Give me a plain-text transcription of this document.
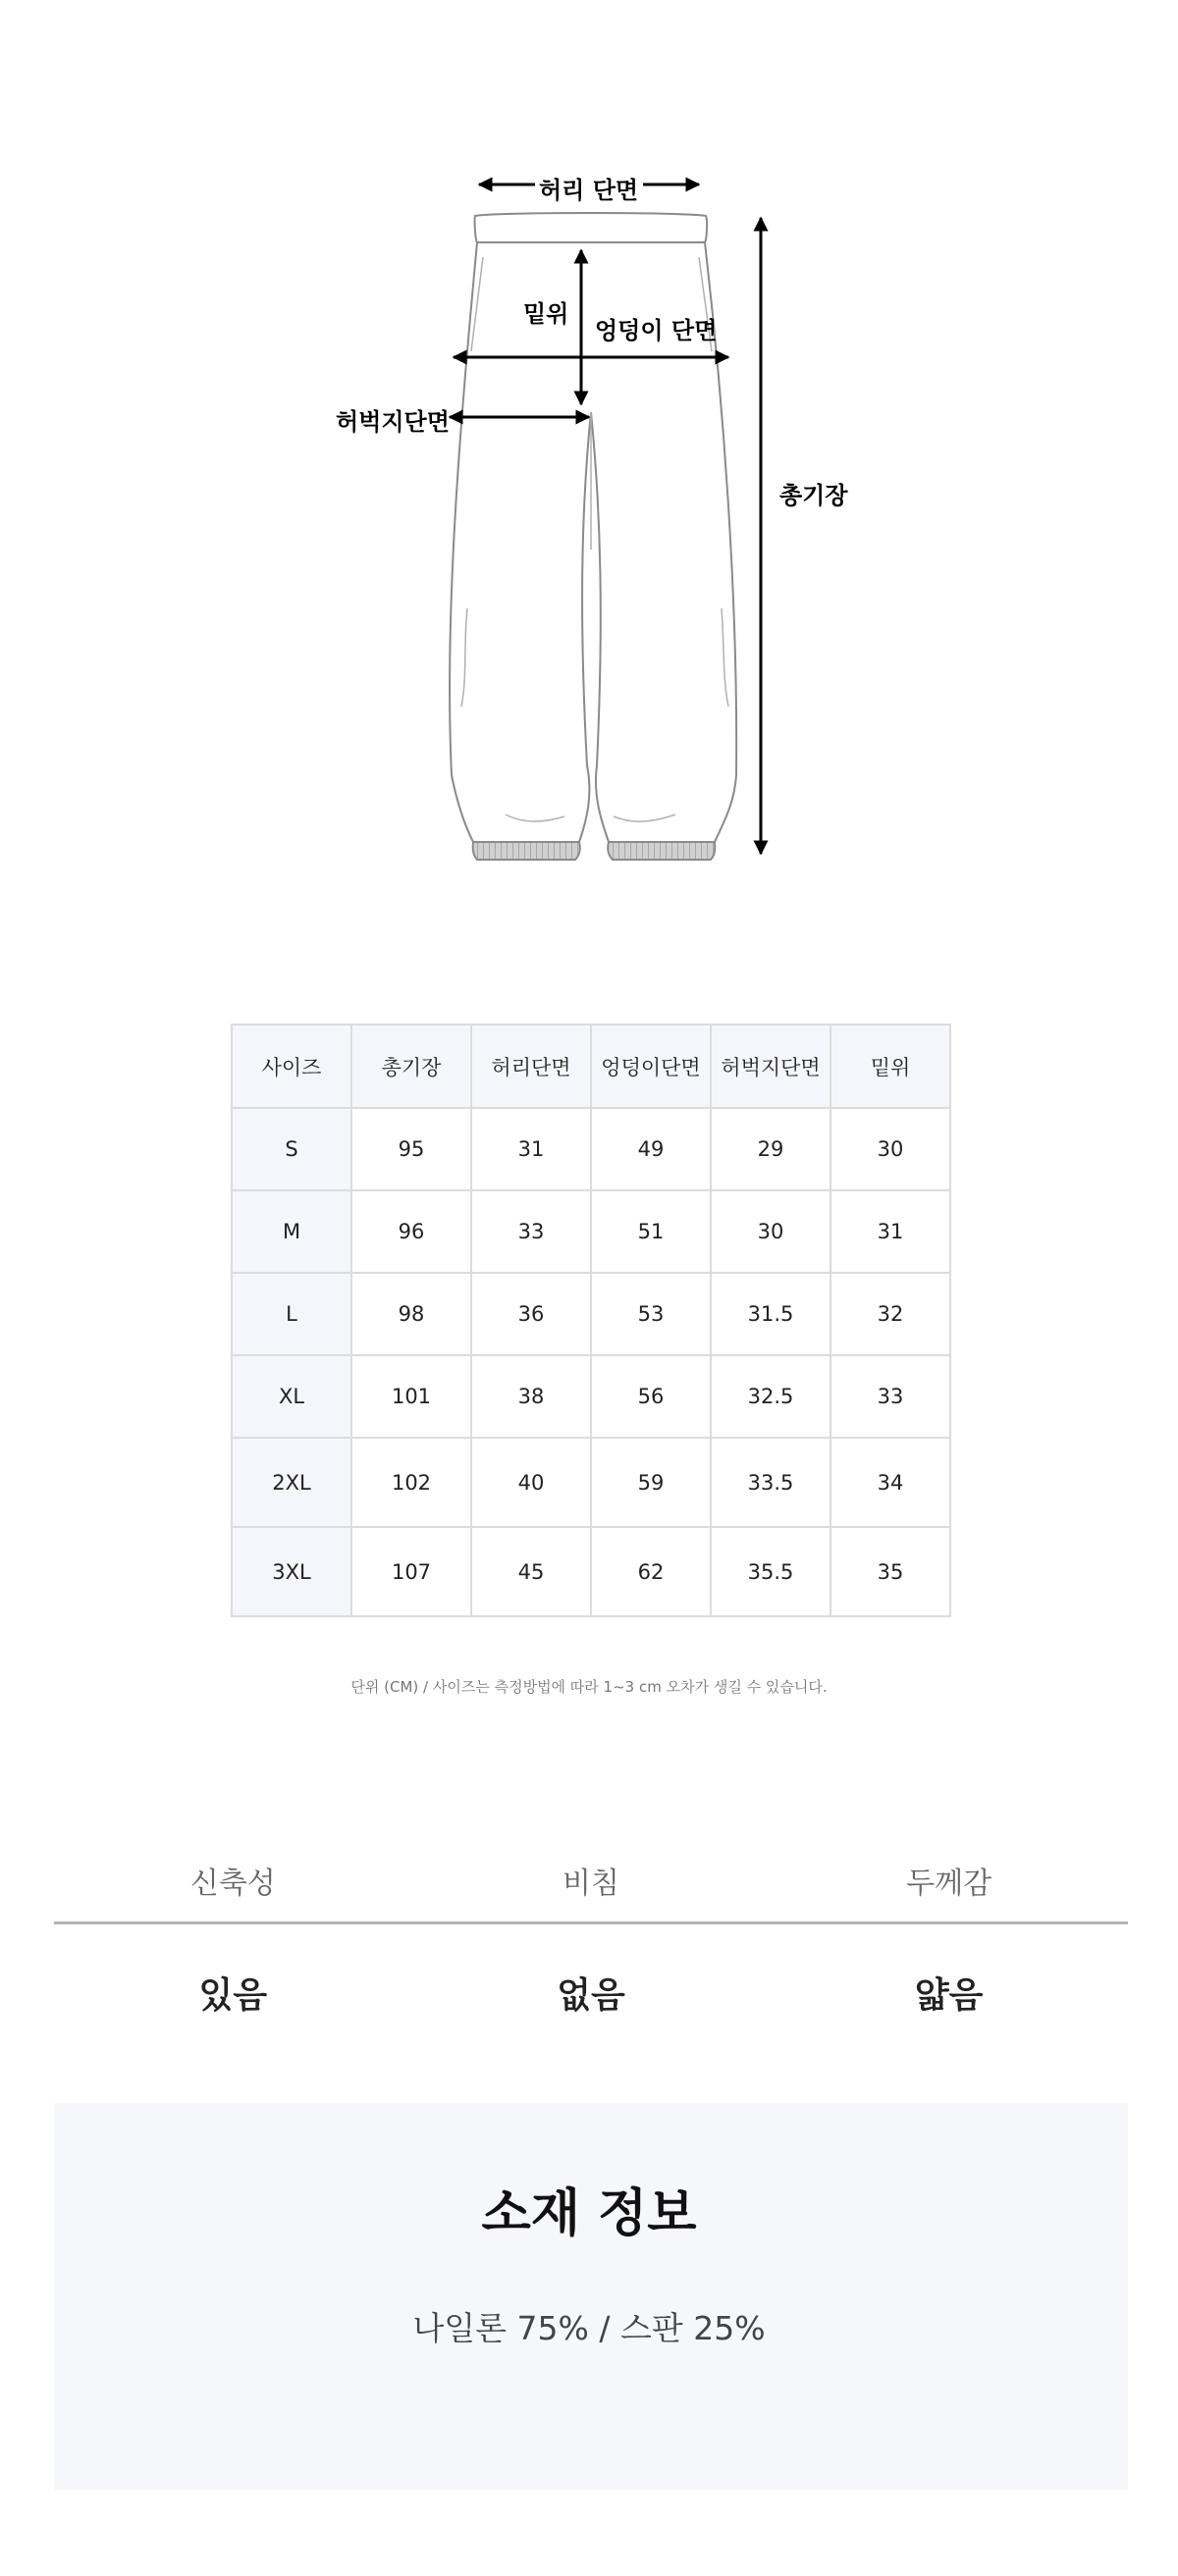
허리 단면
밑위
엉덩이 단면
허벅지단면
총기장
사이즈	총기장	허리단면	엉덩이단면	허벅지단면	밑위
S	95	31	49	29	30
M	96	33	51	30	31
L	98	36	53	31.5	32
XL	101	38	56	32.5	33
2XL	102	40	59	33.5	34
3XL	107	45	62	35.5	35
단위 (CM) / 사이즈는 측정방법에 따라 1~3 cm 오차가 생길 수 있습니다.
신축성	비침	두께감
있음	없음	얇음
소재 정보
나일론 75% / 스판 25%
